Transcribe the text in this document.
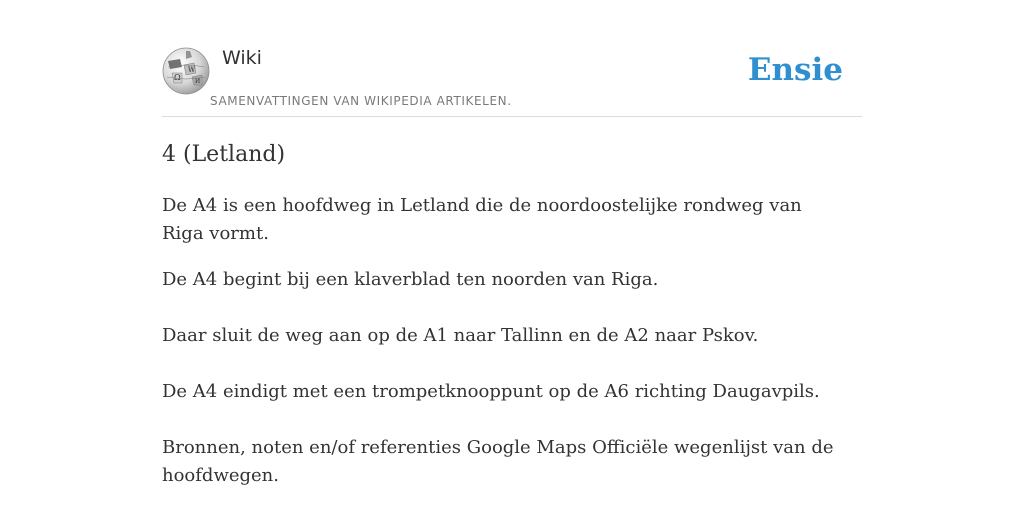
Ω
W
И
Wiki
SAMENVATTINGEN VAN WIKIPEDIA ARTIKELEN.
Ensie
4 (Letland)

De A4 is een hoofdweg in Letland die de noordoostelijke rondweg van Riga vormt.

De A4 begint bij een klaverblad ten noorden van Riga.

Daar sluit de weg aan op de A1 naar Tallinn en de A2 naar Pskov.

De A4 eindigt met een trompetknooppunt op de A6 richting Daugavpils.

Bronnen, noten en/of referenties Google Maps Officiële wegenlijst van de hoofdwegen.
